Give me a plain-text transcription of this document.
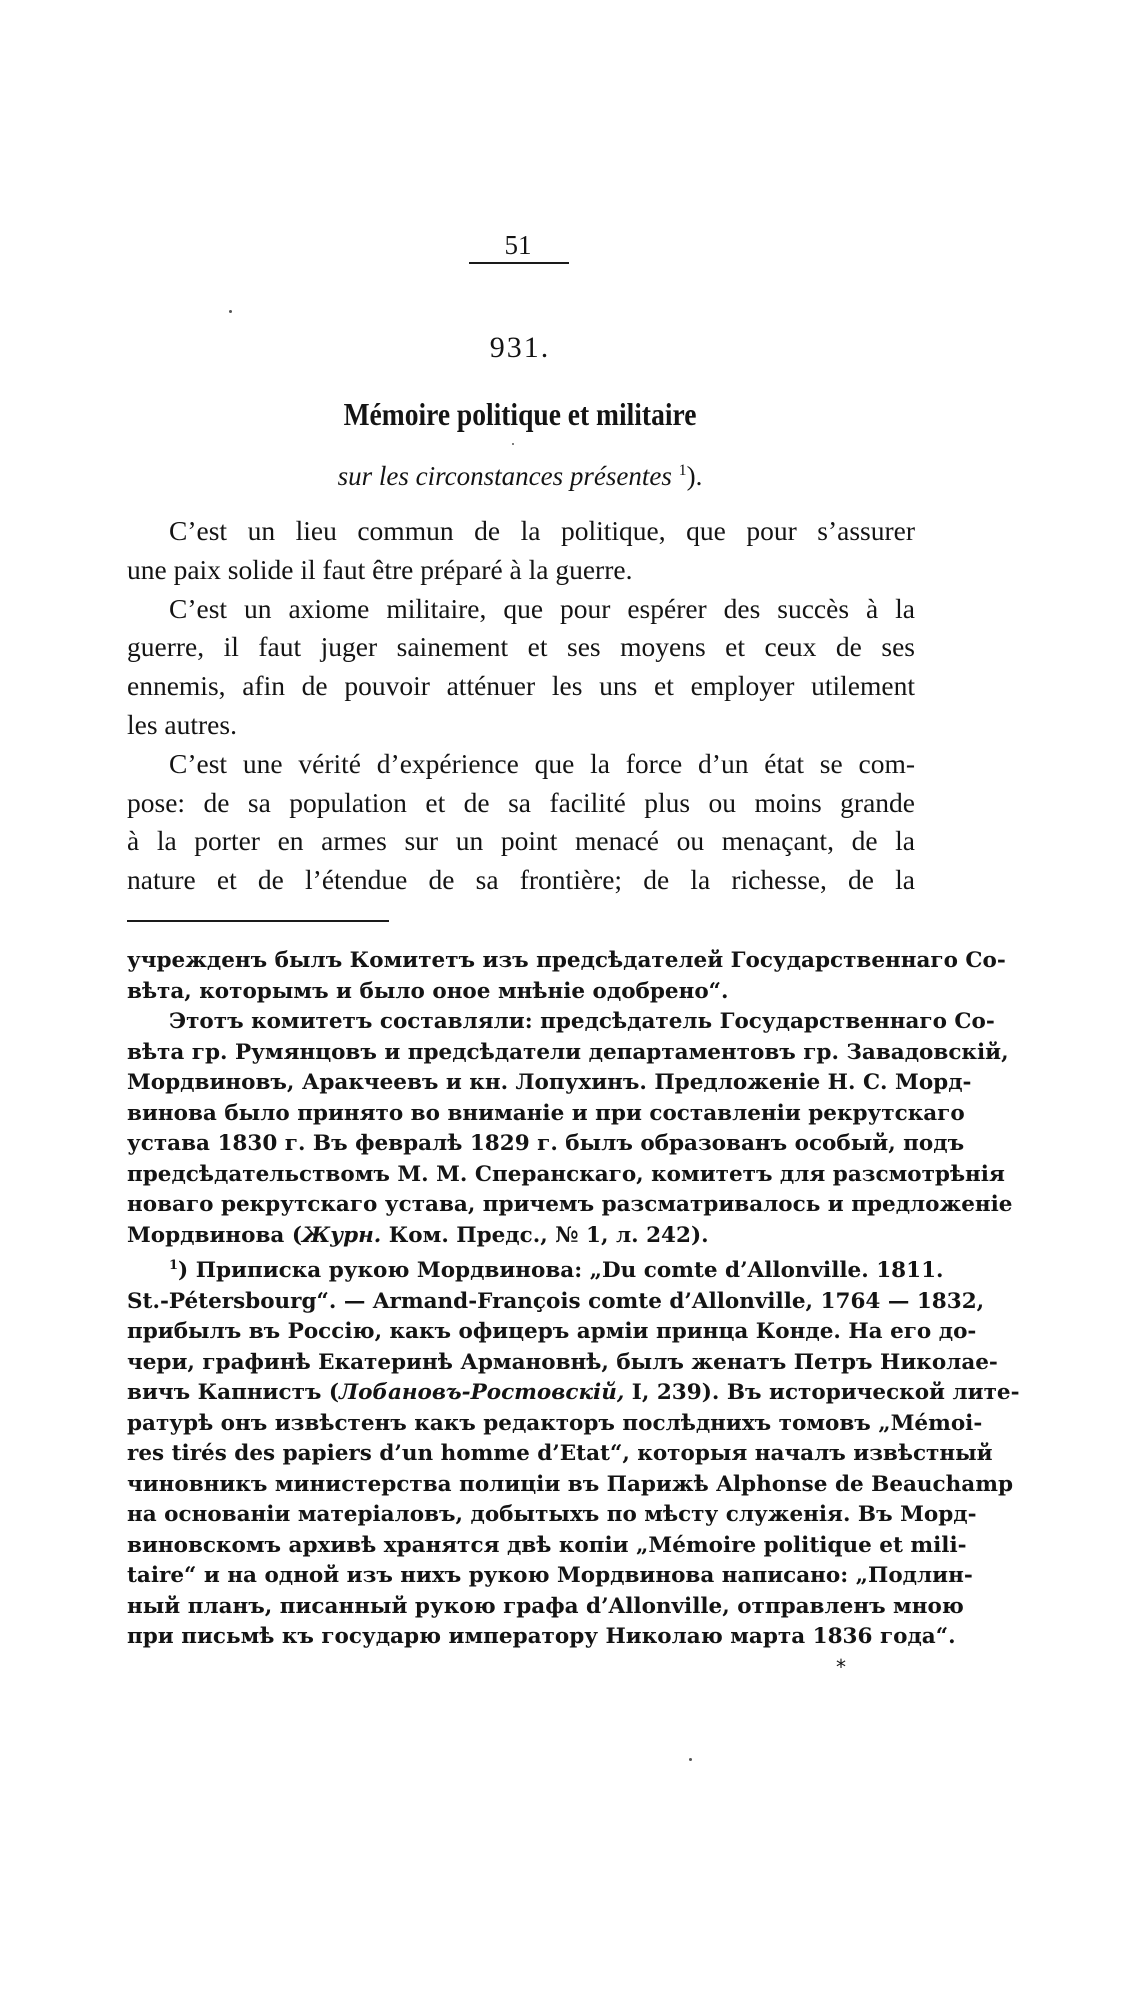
51
931.
Mémoire politique et militaire
sur les circonstances présentes $^1$).

C’est un lieu commun de la politique, que pour s’assurer
une paix solide il faut être préparé à la guerre.

C’est un axiome militaire, que pour espérer des succès à la
guerre, il faut juger sainement et ses moyens et ceux de ses
ennemis, afin de pouvoir atténuer les uns et employer utilement
les autres.

C’est une vérité d’expérience que la force d’un état se com-
pose: de sa population et de sa facilité plus ou moins grande
à la porter en armes sur un point menacé ou menaçant, de la
nature et de l’étendue de sa frontière; de la richesse, de la

учрежденъ былъ Комитетъ изъ предсѣдателей Государственнаго Со-
вѣта, которымъ и было оное мнѣніе одобрено“.
Этотъ комитетъ составляли: предсѣдатель Государственнаго Со-
вѣта гр. Румянцовъ и предсѣдатели департаментовъ гр. Завадовскій,
Мордвиновъ, Аракчеевъ и кн. Лопухинъ. Предложеніе Н. С. Морд-
винова было принято во вниманіе и при составленіи рекрутскаго
устава 1830 г. Въ февралѣ 1829 г. былъ образованъ особый, подъ
предсѣдательствомъ М. М. Сперанскаго, комитетъ для разсмотрѣнія
новаго рекрутскаго устава, причемъ разсматривалось и предложеніе
Мордвинова (Журн. Ком. Предс., № 1, л. 242).
$^1$) Приписка рукою Мордвинова: „Du comte d’Allonville. 1811.
St.-Pétersbourg“. — Armand-François comte d’Allonville, 1764 — 1832,
прибылъ въ Россію, какъ офицеръ арміи принца Конде. На его до-
чери, графинѣ Екатеринѣ Армановнѣ, былъ женатъ Петръ Николае-
вичъ Капнистъ (Лобановъ-Ростовскій, I, 239). Въ исторической лите-
ратурѣ онъ извѣстенъ какъ редакторъ послѣднихъ томовъ „Mémoi-
res tirés des papiers d’un homme d’Etat“, которыя началъ извѣстный
чиновникъ министерства полиціи въ Парижѣ Alphonse de Beauchamp
на основаніи матеріаловъ, добытыхъ по мѣсту служенія. Въ Морд-
виновскомъ архивѣ хранятся двѣ копіи „Mémoire politique et mili-
taire“ и на одной изъ нихъ рукою Мордвинова написано: „Подлин-
ный планъ, писанный рукою графа d’Allonville, отправленъ мною
при письмѣ къ государю императору Николаю марта 1836 года“.
*
